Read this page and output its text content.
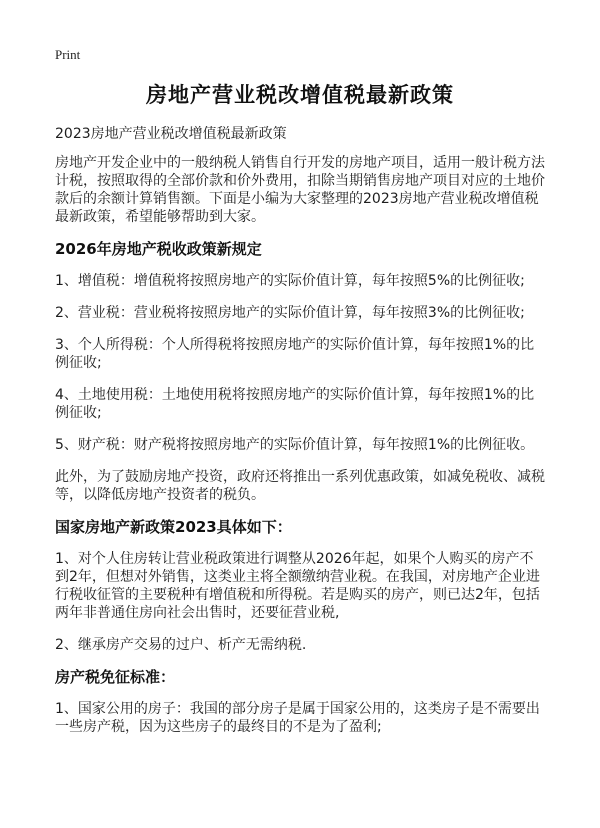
Print
房地产营业税改增值税最新政策

2023房地产营业税改增值税最新政策

房地产开发企业中的一般纳税人销售自行开发的房地产项目，适用一般计税方法计税，按照取得的全部价款和价外费用，扣除当期销售房地产项目对应的土地价款后的余额计算销售额。下面是小编为大家整理的2023房地产营业税改增值税最新政策，希望能够帮助到大家。

2026年房地产税收政策新规定

1、增值税：增值税将按照房地产的实际价值计算，每年按照5%的比例征收;

2、营业税：营业税将按照房地产的实际价值计算，每年按照3%的比例征收;

3、个人所得税：个人所得税将按照房地产的实际价值计算，每年按照1%的比例征收;

4、土地使用税：土地使用税将按照房地产的实际价值计算，每年按照1%的比例征收;

5、财产税：财产税将按照房地产的实际价值计算，每年按照1%的比例征收。

此外，为了鼓励房地产投资，政府还将推出一系列优惠政策，如减免税收、减税等，以降低房地产投资者的税负。

国家房地产新政策2023具体如下：

1、对个人住房转让营业税政策进行调整从2026年起，如果个人购买的房产不到2年，但想对外销售，这类业主将全额缴纳营业税。在我国，对房地产企业进行税收征管的主要税种有增值税和所得税。若是购买的房产，则已达2年，包括两年非普通住房向社会出售时，还要征营业税,

2、继承房产交易的过户、析产无需纳税.

房产税免征标准：

1、国家公用的房子：我国的部分房子是属于国家公用的，这类房子是不需要出一些房产税，因为这些房子的最终目的不是为了盈利;
